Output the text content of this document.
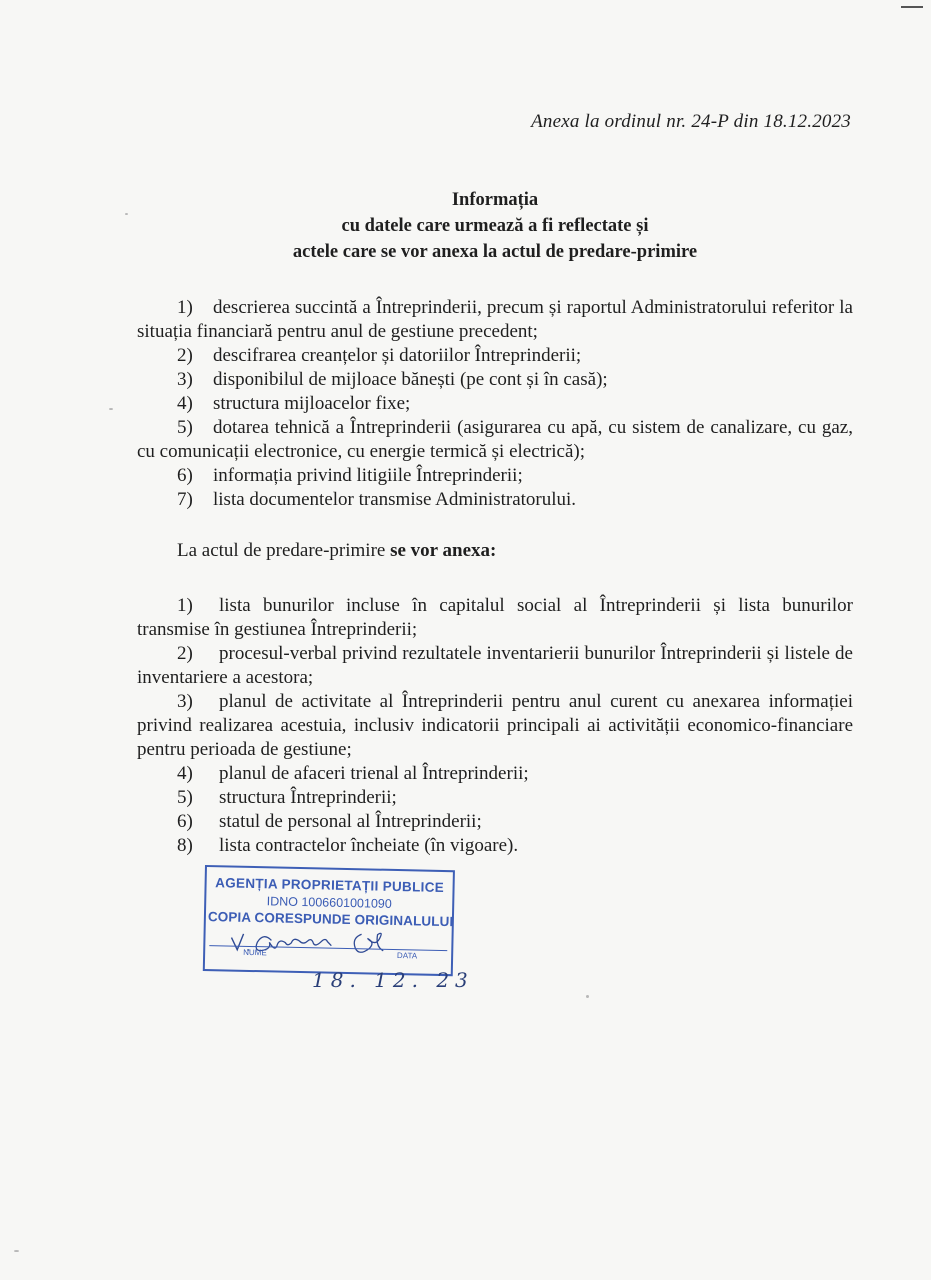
Anexa la ordinul nr. 24-P din 18.12.2023
Informația
cu datele care urmează a fi reflectate și
actele care se vor anexa la actul de predare-primire
1) descrierea succintă a Întreprinderii, precum și raportul Administratorului referitor la situația financiară pentru anul de gestiune precedent;
2) descifrarea creanțelor și datoriilor Întreprinderii;
3) disponibilul de mijloace bănești (pe cont și în casă);
4) structura mijloacelor fixe;
5) dotarea tehnică a Întreprinderii (asigurarea cu apă, cu sistem de canalizare, cu gaz, cu comunicații electronice, cu energie termică și electrică);
6) informația privind litigiile Întreprinderii;
7) lista documentelor transmise Administratorului.
La actul de predare-primire se vor anexa:
1) lista bunurilor incluse în capitalul social al Întreprinderii și lista bunurilor transmise în gestiunea Întreprinderii;
2) procesul-verbal privind rezultatele inventarierii bunurilor Întreprinderii și listele de inventariere a acestora;
3) planul de activitate al Întreprinderii pentru anul curent cu anexarea informației privind realizarea acestuia, inclusiv indicatorii principali ai activității economico-financiare pentru perioada de gestiune;
4) planul de afaceri trienal al Întreprinderii;
5) structura Întreprinderii;
6) statul de personal al Întreprinderii;
8) lista contractelor încheiate (în vigoare).
AGENȚIA PROPRIETAȚII PUBLICE
IDNO 1006601001090
COPIA CORESPUNDE ORIGINALULUI
NUME	DATA
18. 12. 23
